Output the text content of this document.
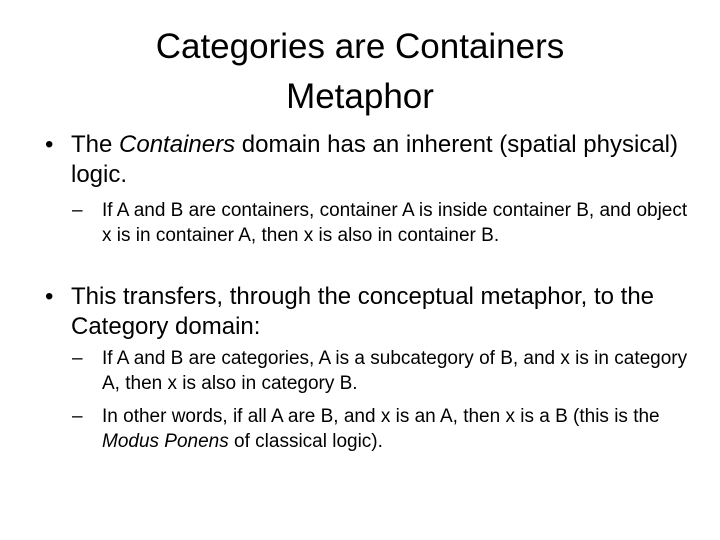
Categories are Containers
Metaphor
• The Containers domain has an inherent (spatial physical) logic.
– If A and B are containers, container A is inside container B, and object x is in container A, then x is also in container B.
• This transfers, through the conceptual metaphor, to the Category domain:
– If A and B are categories, A is a subcategory of B, and x is in category A, then x is also in category B.
– In other words, if all A are B, and x is an A, then x is a B (this is the Modus Ponens of classical logic).
